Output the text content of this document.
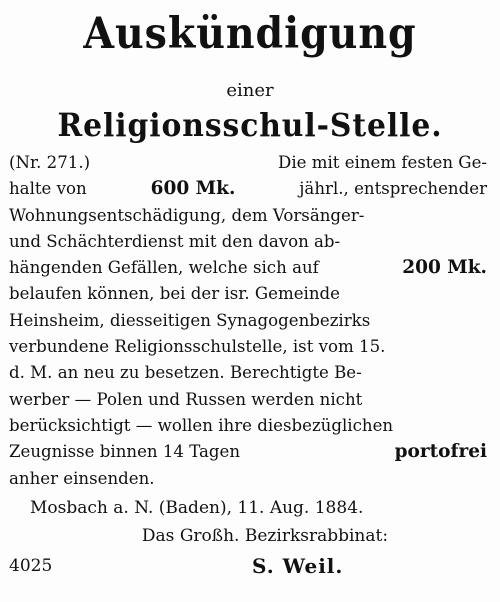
Auskündigung
einer
Religionsschul-Stelle.
(Nr. 271.)	Die mit einem festen Ge-
halte von	600 Mk.	jährl., entsprechender
Wohnungsentschädigung, dem Vorsänger-
und Schächterdienst mit den davon ab-
hängenden Gefällen, welche sich auf	200 Mk.
belaufen können, bei der isr. Gemeinde
Heinsheim, diesseitigen Synagogenbezirks
verbundene Religionsschulstelle, ist vom 15.
d. M. an neu zu besetzen. Berechtigte Be-
werber — Polen und Russen werden nicht
berücksichtigt — wollen ihre diesbezüglichen
Zeugnisse binnen 14 Tagen	portofrei
anher einsenden.
Mosbach a. N. (Baden), 11. Aug. 1884.
Das Großh. Bezirksrabbinat:
4025	S. Weil.
